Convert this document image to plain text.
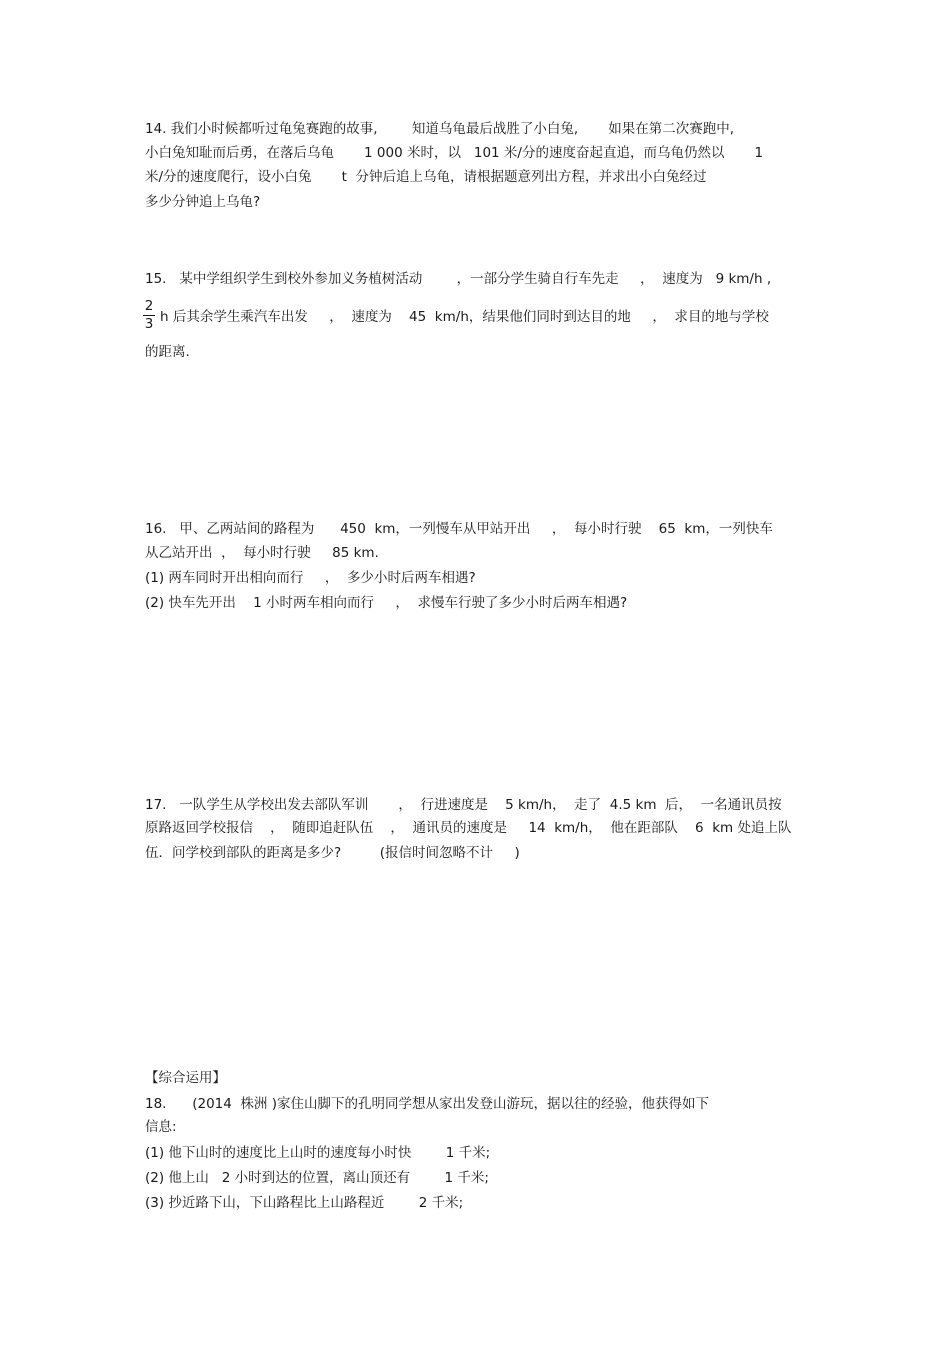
14. 我们小时候都听过龟兔赛跑的故事,        知道乌龟最后战胜了小白兔,       如果在第二次赛跑中,
小白兔知耻而后勇，在落后乌龟       1 000 米时，以   101 米/分的速度奋起直追，而乌龟仍然以       1
米/分的速度爬行，设小白兔       t  分钟后追上乌龟，请根据题意列出方程，并求出小白兔经过
多少分钟追上乌龟?
15.   某中学组织学生到校外参加义务植树活动        ，一部分学生骑自行车先走     ，  速度为   9 km/h ,
$\frac{2}{3}$ h 后其余学生乘汽车出发     ，  速度为    45  km/h，结果他们同时到达目的地     ，  求目的地与学校
的距离.
16.   甲、乙两站间的路程为      450  km，一列慢车从甲站开出     ，  每小时行驶    65  km，一列快车
从乙站开出  ，  每小时行驶     85 km.
(1) 两车同时开出相向而行     ，  多少小时后两车相遇?
(2) 快车先开出    1 小时两车相向而行     ，  求慢车行驶了多少小时后两车相遇?
17.   一队学生从学校出发去部队军训       ，  行进速度是    5 km/h，  走了  4.5 km  后，  一名通讯员按
原路返回学校报信    ，  随即追赶队伍    ，  通讯员的速度是     14  km/h，  他在距部队    6  km 处追上队
伍．问学校到部队的距离是多少?         (报信时间忽略不计     )
【综合运用】
18.      (2014  株洲 )家住山脚下的孔明同学想从家出发登山游玩，据以往的经验，他获得如下
信息:
(1) 他下山时的速度比上山时的速度每小时快        1 千米;
(2) 他上山   2 小时到达的位置，离山顶还有        1 千米;
(3) 抄近路下山，下山路程比上山路程近        2 千米;
